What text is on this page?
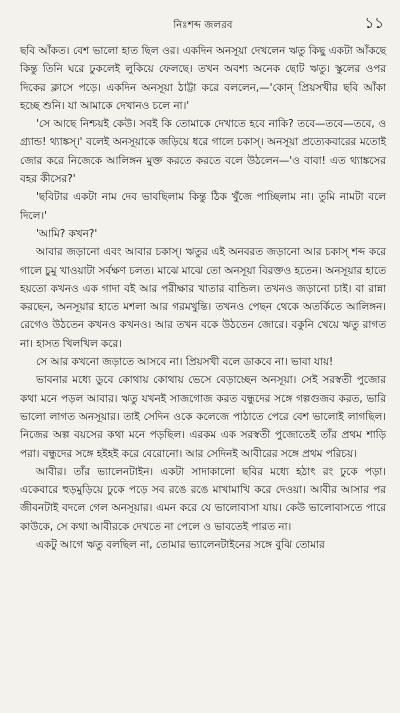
নিঃশব্দ জলরব	১১

ছবি আঁকত। বেশ ভালো হাত ছিল ওর। একদিন অনসূয়া দেখলেন ঋতু কিছু একটা আঁকছে কিন্তু তিনি ঘরে ঢুকলেই লুকিয়ে ফেলছে। তখন অবশ্য অনেক ছোট ঋতু। স্কুলের ওপর দিকের ক্লাসে পড়ে। একদিন অনসূয়া ঠাট্টা করে বললেন,—'কোন্‌ প্রিয়সখীর ছবি আঁকা হচ্ছে শুনি। যা আমাকে দেখানও চলে না।'

'সে আছে নিশ্চয়ই কেউ। সবই কি তোমাকে দেখাতে হবে নাকি? তবে—তবে—তবে, ও গ্র্যান্ড! থ্যাঙ্কস্‌।' বলেই অনসূয়াকে জড়িয়ে ধরে গালে চকাস্‌। অনসূয়া প্রত্যেকবারের মতোই জোর করে নিজেকে আলিঙ্গন মুক্ত করতে করতে বলে উঠলেন—'ও বাবা! এত থ্যাঙ্কসের বহর কীসের?'

'ছবিটার একটা নাম দেব ভাবছিলাম কিন্তু ঠিক খুঁজে পাচ্ছিলাম না। তুমি নামটা বলে দিলে।'

'আমি? কখন?'

আবার জড়ানো এবং আবার চকাস্‌। ঋতুর এই অনবরত জড়ানো আর চকাস্‌ শব্দ করে গালে চুমু খাওয়াটা সর্বক্ষণ চলত। মাঝে মাঝে তো অনসূয়া বিরক্তও হতেন। অনসূয়ার হাতে হয়তো কখনও এক গাদা বই আর পরীক্ষার খাতার বান্ডিল। তখনও জড়ানো চাই। বা রান্না করছেন, অনসূয়ার হাতে মশলা আর গরমখুন্তি। তখনও পেছন থেকে অতর্কিতে আলিঙ্গন। রেগেও উঠতেন কখনও কখনও। আর তখন বকে উঠতেন জোরে। বকুনি খেয়ে ঋতু রাগত না। হাসত খিলখিল করে।

সে আর কখনো জড়াতে আসবে না। প্রিয়সখী বলে ডাকবে না। ভাবা যায়!

ভাবনার মধ্যে ডুবে কোথায় কোথায় ভেসে বেড়াচ্ছেন অনসূয়া। সেই সরস্বতী পুজোর কথা মনে পড়ল আবার। ঋতু যখনই সাজগোজ করত বন্ধুদের সঙ্গে গল্পগুজব করত, ভারি ভালো লাগত অনসূয়ার। তাই সেদিন ওকে কলেজে পাঠাতে পেরে বেশ ভালোই লাগছিল। নিজের অল্প বয়সের কথা মনে পড়ছিল। এরকম এক সরস্বতী পুজোতেই তাঁর প্রথম শাড়ি পরা। বন্ধুদের সঙ্গে হইহই করে বেরোনো। আর সেদিনই আবীরের সঙ্গে প্রথম পরিচয়।

আবীর। তাঁর ভ্যালেনটাইন। একটা সাদাকালো ছবির মধ্যে হঠাৎ রং ঢুকে পড়া। একেবারে হুড়মুড়িয়ে ঢুকে পড়ে সব রঙে রঙে মাখামাখি করে দেওয়া। আবীর আসার পর জীবনটাই বদলে গেল অনসূয়ার। এমন করে যে ভালোবাসা যায়। কেউ ভালোবাসতে পারে কাউকে, সে কথা আবীরকে দেখতে না পেলে ও ভাবতেই পারত না।

একটু আগে ঋতু বলছিল না, তোমার ভ্যালেনটাইনের সঙ্গে বুঝি তোমার
